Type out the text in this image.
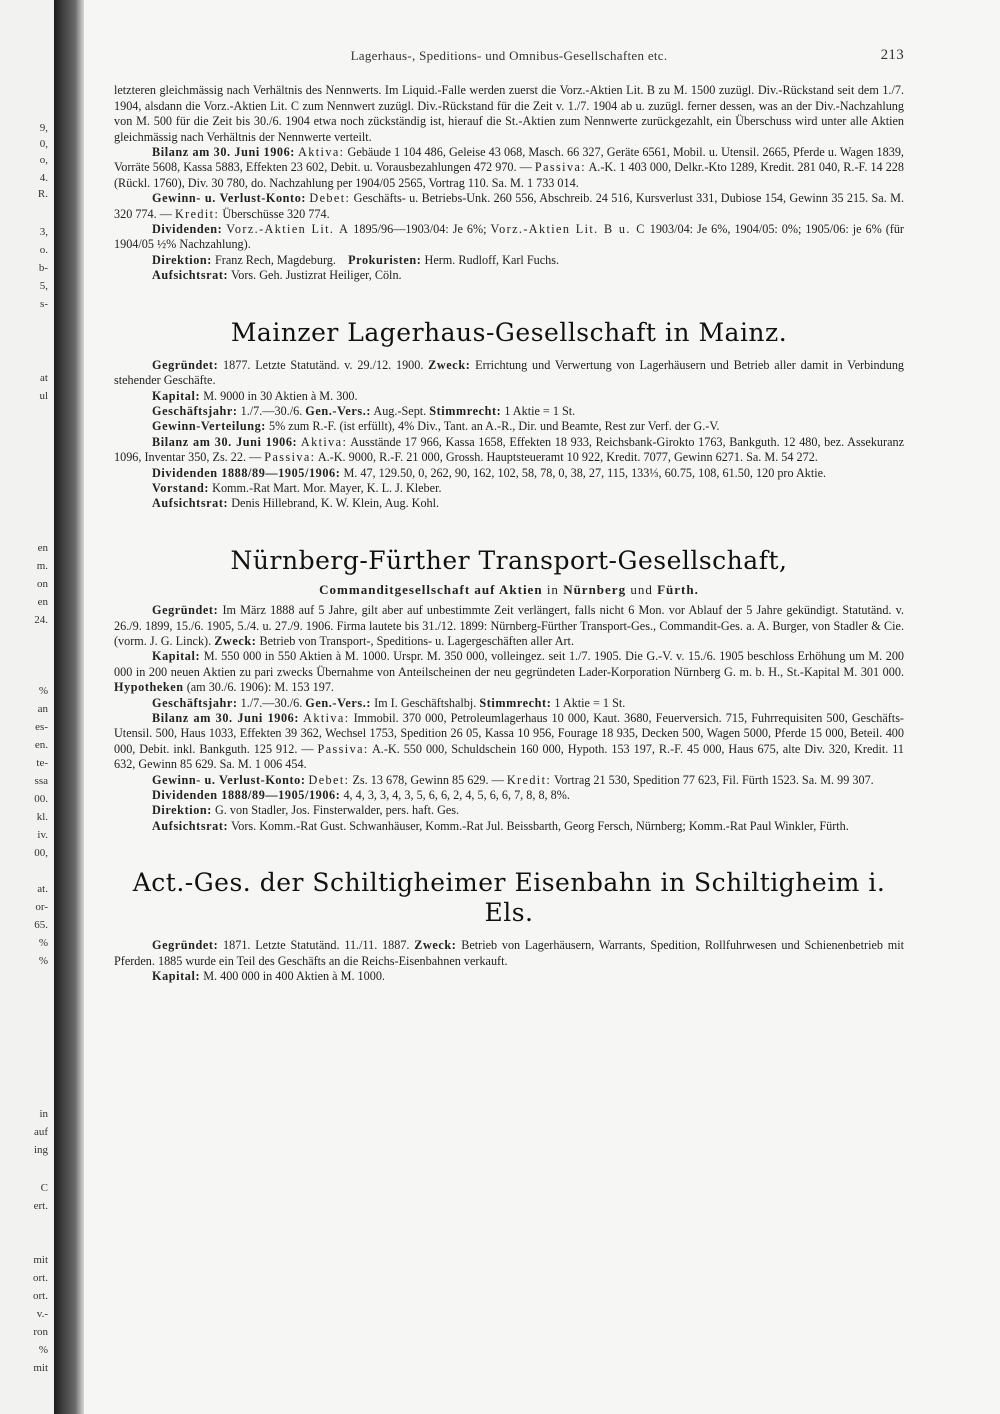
9,
0,
o,
4.
R.
3,
o.
b-
5,
s-
at
ul
en
m.
on
en
24.
%
an
es-
en.
te-
ssa
00.
kl.
iv.
00,
at.
or-
65.
%
%
in
auf
ing
C
ert.
mit
ort.
ort.
v.-
ron
%
mit
Lagerhaus-, Speditions- und Omnibus-Gesellschaften etc.	213

letzteren gleichmässig nach Verhältnis des Nennwerts. Im Liquid.-Falle werden zuerst die Vorz.-Aktien Lit. B zu M. 1500 zuzügl. Div.-Rückstand seit dem 1./7. 1904, alsdann die Vorz.-Aktien Lit. C zum Nennwert zuzügl. Div.-Rückstand für die Zeit v. 1./7. 1904 ab u. zuzügl. ferner dessen, was an der Div.-Nachzahlung von M. 500 für die Zeit bis 30./6. 1904 etwa noch zückständig ist, hierauf die St.-Aktien zum Nennwerte zurückgezahlt, ein Überschuss wird unter alle Aktien gleichmässig nach Verhältnis der Nennwerte verteilt.

Bilanz am 30. Juni 1906: Aktiva: Gebäude 1 104 486, Geleise 43 068, Masch. 66 327, Geräte 6561, Mobil. u. Utensil. 2665, Pferde u. Wagen 1839, Vorräte 5608, Kassa 5883, Effekten 23 602, Debit. u. Vorausbezahlungen 472 970. — Passiva: A.-K. 1 403 000, Delkr.-Kto 1289, Kredit. 281 040, R.-F. 14 228 (Rückl. 1760), Div. 30 780, do. Nachzahlung per 1904/05 2565, Vortrag 110. Sa. M. 1 733 014.

Gewinn- u. Verlust-Konto: Debet: Geschäfts- u. Betriebs-Unk. 260 556, Abschreib. 24 516, Kursverlust 331, Dubiose 154, Gewinn 35 215. Sa. M. 320 774. — Kredit: Überschüsse 320 774.

Dividenden: Vorz.-Aktien Lit. A 1895/96—1903/04: Je 6%; Vorz.-Aktien Lit. B u. C 1903/04: Je 6%, 1904/05: 0%; 1905/06: je 6% (für 1904/05 ½% Nachzahlung).

Direktion: Franz Rech, Magdeburg. Prokuristen: Herm. Rudloff, Karl Fuchs.

Aufsichtsrat: Vors. Geh. Justizrat Heiliger, Cöln.

Mainzer Lagerhaus-Gesellschaft in Mainz.

Gegründet: 1877. Letzte Statutänd. v. 29./12. 1900. Zweck: Errichtung und Verwertung von Lagerhäusern und Betrieb aller damit in Verbindung stehender Geschäfte.

Kapital: M. 9000 in 30 Aktien à M. 300.

Geschäftsjahr: 1./7.—30./6. Gen.-Vers.: Aug.-Sept. Stimmrecht: 1 Aktie = 1 St.

Gewinn-Verteilung: 5% zum R.-F. (ist erfüllt), 4% Div., Tant. an A.-R., Dir. und Beamte, Rest zur Verf. der G.-V.

Bilanz am 30. Juni 1906: Aktiva: Ausstände 17 966, Kassa 1658, Effekten 18 933, Reichsbank-Girokto 1763, Bankguth. 12 480, bez. Assekuranz 1096, Inventar 350, Zs. 22. — Passiva: A.-K. 9000, R.-F. 21 000, Grossh. Hauptsteueramt 10 922, Kredit. 7077, Gewinn 6271. Sa. M. 54 272.

Dividenden 1888/89—1905/1906: M. 47, 129.50, 0, 262, 90, 162, 102, 58, 78, 0, 38, 27, 115, 133⅓, 60.75, 108, 61.50, 120 pro Aktie.

Vorstand: Komm.-Rat Mart. Mor. Mayer, K. L. J. Kleber.

Aufsichtsrat: Denis Hillebrand, K. W. Klein, Aug. Kohl.

Nürnberg-Fürther Transport-Gesellschaft,

Commanditgesellschaft auf Aktien in Nürnberg und Fürth.

Gegründet: Im März 1888 auf 5 Jahre, gilt aber auf unbestimmte Zeit verlängert, falls nicht 6 Mon. vor Ablauf der 5 Jahre gekündigt. Statutänd. v. 26./9. 1899, 15./6. 1905, 5./4. u. 27./9. 1906. Firma lautete bis 31./12. 1899: Nürnberg-Fürther Transport-Ges., Commandit-Ges. a. A. Burger, von Stadler & Cie. (vorm. J. G. Linck). Zweck: Betrieb von Transport-, Speditions- u. Lagergeschäften aller Art.

Kapital: M. 550 000 in 550 Aktien à M. 1000. Urspr. M. 350 000, volleingez. seit 1./7. 1905. Die G.-V. v. 15./6. 1905 beschloss Erhöhung um M. 200 000 in 200 neuen Aktien zu pari zwecks Übernahme von Anteilscheinen der neu gegründeten Lader-Korporation Nürnberg G. m. b. H., St.-Kapital M. 301 000. Hypotheken (am 30./6. 1906): M. 153 197.

Geschäftsjahr: 1./7.—30./6. Gen.-Vers.: Im I. Geschäftshalbj. Stimmrecht: 1 Aktie = 1 St.

Bilanz am 30. Juni 1906: Aktiva: Immobil. 370 000, Petroleumlagerhaus 10 000, Kaut. 3680, Feuerversich. 715, Fuhrrequisiten 500, Geschäfts-Utensil. 500, Haus 1033, Effekten 39 362, Wechsel 1753, Spedition 26 05, Kassa 10 956, Fourage 18 935, Decken 500, Wagen 5000, Pferde 15 000, Beteil. 400 000, Debit. inkl. Bankguth. 125 912. — Passiva: A.-K. 550 000, Schuldschein 160 000, Hypoth. 153 197, R.-F. 45 000, Haus 675, alte Div. 320, Kredit. 11 632, Gewinn 85 629. Sa. M. 1 006 454.

Gewinn- u. Verlust-Konto: Debet: Zs. 13 678, Gewinn 85 629. — Kredit: Vortrag 21 530, Spedition 77 623, Fil. Fürth 1523. Sa. M. 99 307.

Dividenden 1888/89—1905/1906: 4, 4, 3, 3, 4, 3, 5, 6, 6, 2, 4, 5, 6, 6, 7, 8, 8, 8%.

Direktion: G. von Stadler, Jos. Finsterwalder, pers. haft. Ges.

Aufsichtsrat: Vors. Komm.-Rat Gust. Schwanhäuser, Komm.-Rat Jul. Beissbarth, Georg Fersch, Nürnberg; Komm.-Rat Paul Winkler, Fürth.

Act.-Ges. der Schiltigheimer Eisenbahn in Schiltigheim i. Els.

Gegründet: 1871. Letzte Statutänd. 11./11. 1887. Zweck: Betrieb von Lagerhäusern, Warrants, Spedition, Rollfuhrwesen und Schienenbetrieb mit Pferden. 1885 wurde ein Teil des Geschäfts an die Reichs-Eisenbahnen verkauft.

Kapital: M. 400 000 in 400 Aktien à M. 1000.
